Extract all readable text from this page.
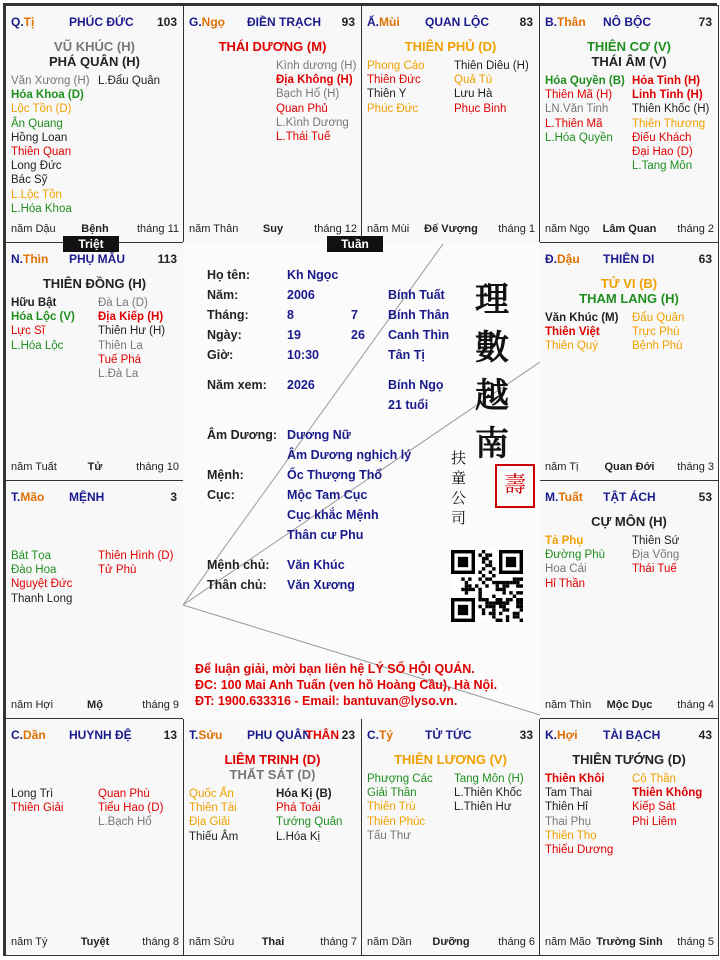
Q.Tị	PHÚC ĐỨC 103
VŨ KHÚC (H)
PHÁ QUÂN (H)
Văn Xương (H)
Hóa Khoa (D)
Lộc Tồn (D)
Ân Quang
Hồng Loan
Thiên Quan
Long Đức
Bác Sỹ
L.Lộc Tồn
L.Hóa Khoa
L.Đẩu Quân
năm Dậu	Bệnh	tháng 11
G.Ngọ ĐIỀN TRẠCH 93
THÁI DƯƠNG (M)
Kình dương (H)
Địa Không (H)
Bạch Hổ (H)
Quan Phủ
L.Kình Dương
L.Thái Tuế
năm Thân	Suy	tháng 12
Ấ.Mùi QUAN LỘC	83
THIÊN PHỦ (D)
Phong Cáo
Thiên Đức
Thiên Y
Phúc Đức
Thiên Diêu (H)
Quả Tú
Lưu Hà
Phục Binh
năm Mùi	Đế Vượng	tháng 1
B.Thân NÔ BỘC	73
THIÊN CƠ (V)
THÁI ÂM (V)
Hóa Quyền (B)
Thiên Mã (H)
LN.Văn Tinh
L.Thiên Mã
L.Hóa Quyền
Hỏa Tinh (H)
Linh Tinh (H)
Thiên Khốc (H)
Thiên Thương
Điếu Khách
Đại Hao (D)
L.Tang Môn
năm Ngọ	Lâm Quan	tháng 2
N.Thìn PHỤ MẪU	113
THIÊN ĐỒNG (H)
Hữu Bật
Hóa Lộc (V)
Lực Sĩ
L.Hóa Lộc
Đà La (D)
Địa Kiếp (H)
Thiên Hư (H)
Thiên La
Tuế Phá
L.Đà La
năm Tuất	Tử	tháng 10
Đ.Dậu THIÊN DI	63
TỬ VI (B)
THAM LANG (H)
Văn Khúc (M)
Thiên Việt
Thiên Quý
Đẩu Quân
Trực Phù
Bệnh Phù
năm Tị	Quan Đới	tháng 3
T.Mão MỆNH	3
Bát Tọa
Đào Hoa
Nguyệt Đức
Thanh Long
Thiên Hình (D)
Tử Phù
năm Hợi	Mộ	tháng 9
M.Tuất TẬT ÁCH	53
CỰ MÔN (H)
Tả Phụ
Đường Phù
Hoa Cái
Hỉ Thần
Thiên Sứ
Địa Võng
Thái Tuế
năm Thìn	Mộc Dục	tháng 4
C.Dần HUYNH ĐỆ	13
Long Trì
Thiên Giải
Quan Phù
Tiểu Hao (D)
L.Bạch Hổ
năm Tý	Tuyệt	tháng 8
T.Sửu PHU QUÂN
THÂN 23
LIÊM TRINH (D)
THẤT SÁT (D)
Quốc Ấn
Thiên Tài
Địa Giải
Thiếu Âm
Hóa Kị (B)
Phá Toái
Tướng Quân
L.Hóa Kị
năm Sửu	Thai	tháng 7
C.Tý	TỬ TỨC	33
THIÊN LƯƠNG (V)
Phượng Các
Giải Thần
Thiên Trù
Thiên Phúc
Tấu Thư
Tang Môn (H)
L.Thiên Khốc
L.Thiên Hư
năm Dần	Dưỡng	tháng 6
K.Hợi TÀI BẠCH	43
THIÊN TƯỚNG (D)
Thiên Khôi
Tam Thai
Thiên Hỉ
Thai Phụ
Thiên Thọ
Thiếu Dương
Cô Thần
Thiên Không
Kiếp Sát
Phi Liêm
năm Mão Trường Sinh	tháng 5
Họ tên:	Kh Ngọc
Năm:	2006	Bính Tuất
Tháng:	8	7 Bính Thân
Ngày:	19	26 Canh Thìn
Giờ:	10:30	Tân Tị
Năm xem: 2026	Bính Ngọ
21 tuổi
Âm Dương: Dương Nữ
Âm Dương nghịch lý
Mệnh:	Ốc Thượng Thổ
Cục:	Mộc Tam Cục
Cục khắc Mệnh
Thân cư Phu
Mệnh chủ: Văn Khúc
Thân chủ: Văn Xương
理
數
越
南
扶
童
公
司
壽
Để luận giải, mời bạn liên hệ LÝ SỐ HỘI QUÁN.
ĐC: 100 Mai Anh Tuấn (ven hồ Hoàng Cầu), Hà Nội.
ĐT: 1900.633316 - Email: bantuvan@lyso.vn.
Triệt	Tuần
